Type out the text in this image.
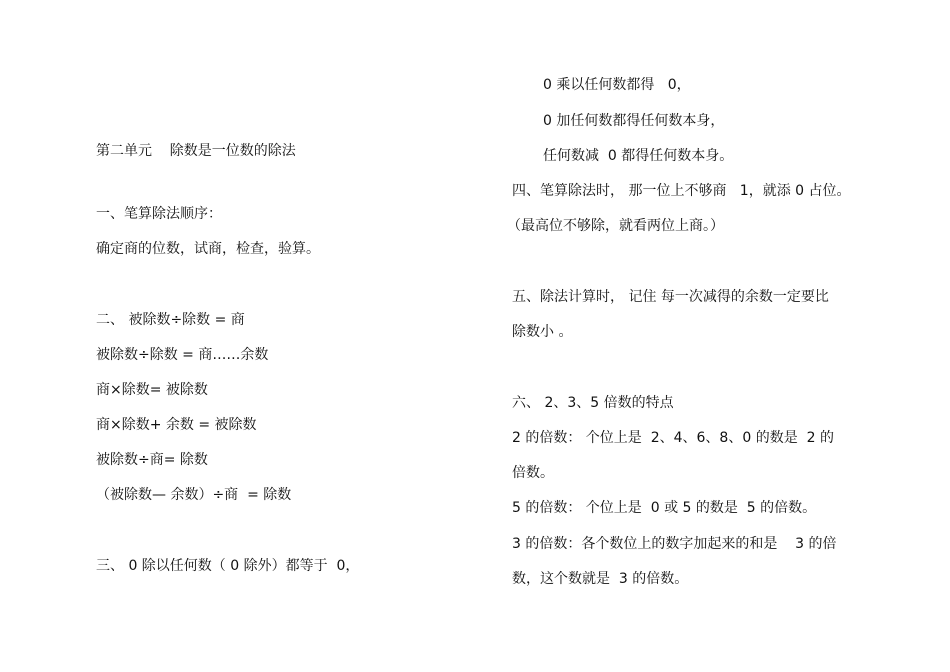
第二单元    除数是一位数的除法

一、笔算除法顺序：

确定商的位数，试商，检查，验算。

二、 被除数÷除数 = 商

被除数÷除数 = 商……余数

商×除数= 被除数

商×除数+ 余数 = 被除数

被除数÷商= 除数

（被除数— 余数）÷商  = 除数

三、 0 除以任何数（ 0 除外）都等于  0，

0 乘以任何数都得   0，

0 加任何数都得任何数本身，

任何数减  0 都得任何数本身。

四、笔算除法时， 那一位上不够商   1，就添 0 占位。

（最高位不够除，就看两位上商。）

五、除法计算时， 记住 每一次减得的余数一定要比

除数小 。

六、 2、3、5 倍数的特点

2 的倍数： 个位上是  2、4、6、8、0 的数是  2 的

倍数。

5 的倍数： 个位上是  0 或 5 的数是  5 的倍数。

3 的倍数：各个数位上的数字加起来的和是    3 的倍

数，这个数就是  3 的倍数。
